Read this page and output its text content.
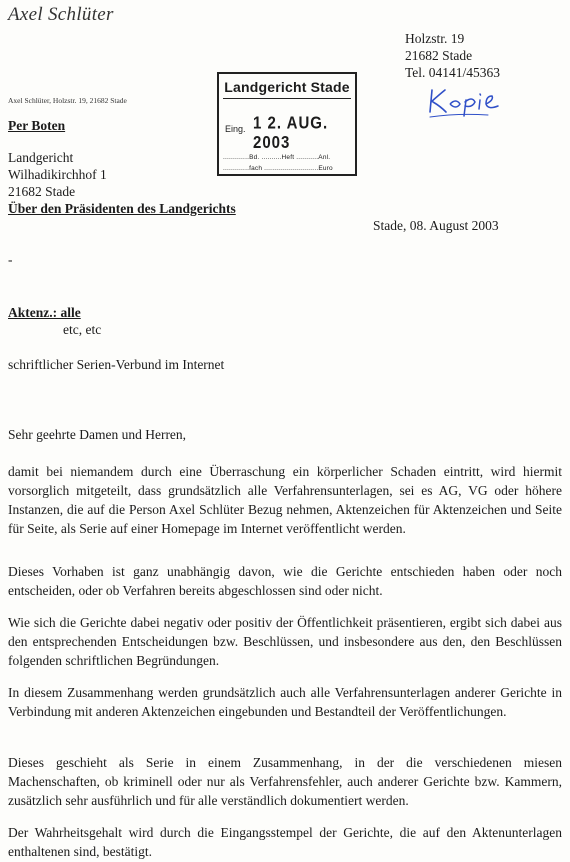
Axel Schlüter
Holzstr. 19
21682 Stade
Tel. 04141/45363
Axel Schlüter, Holzstr. 19, 21682 Stade
Per Boten
Landgericht Stade
Eing. 1 2. AUG. 2003
.............Bd. ..........Heft ...........Anl.
.............fach ...........................Euro
Landgericht
Wilhadikirchhof 1
21682 Stade
Über den Präsidenten des Landgerichts
Stade, 08. August 2003
-
Aktenz.: alle
etc, etc
schriftlicher Serien-Verbund im Internet
Sehr geehrte Damen und Herren,
damit bei niemandem durch eine Überraschung ein körperlicher Schaden eintritt, wird hiermit vorsorglich mitgeteilt, dass grundsätzlich alle Verfahrensunterlagen, sei es AG, VG oder höhere Instanzen, die auf die Person Axel Schlüter Bezug nehmen, Aktenzeichen für Aktenzeichen und Seite für Seite, als Serie auf einer Homepage im Internet veröffentlicht werden.
Dieses Vorhaben ist ganz unabhängig davon, wie die Gerichte entschieden haben oder noch entscheiden, oder ob Verfahren bereits abgeschlossen sind oder nicht.
Wie sich die Gerichte dabei negativ oder positiv der Öffentlichkeit präsentieren, ergibt sich dabei aus den entsprechenden Entscheidungen bzw. Beschlüssen, und insbesondere aus den, den Beschlüssen folgenden schriftlichen Begründungen.
In diesem Zusammenhang werden grundsätzlich auch alle Verfahrensunterlagen anderer Gerichte in Verbindung mit anderen Aktenzeichen eingebunden und Bestandteil der Veröffentlichungen.
Dieses geschieht als Serie in einem Zusammenhang, in der die verschiedenen miesen Machenschaften, ob kriminell oder nur als Verfahrensfehler, auch anderer Gerichte bzw. Kammern, zusätzlich sehr ausführlich und für alle verständlich dokumentiert werden.
Der Wahrheitsgehalt wird durch die Eingangsstempel der Gerichte, die auf den Aktenunterlagen enthaltenen sind, bestätigt.
